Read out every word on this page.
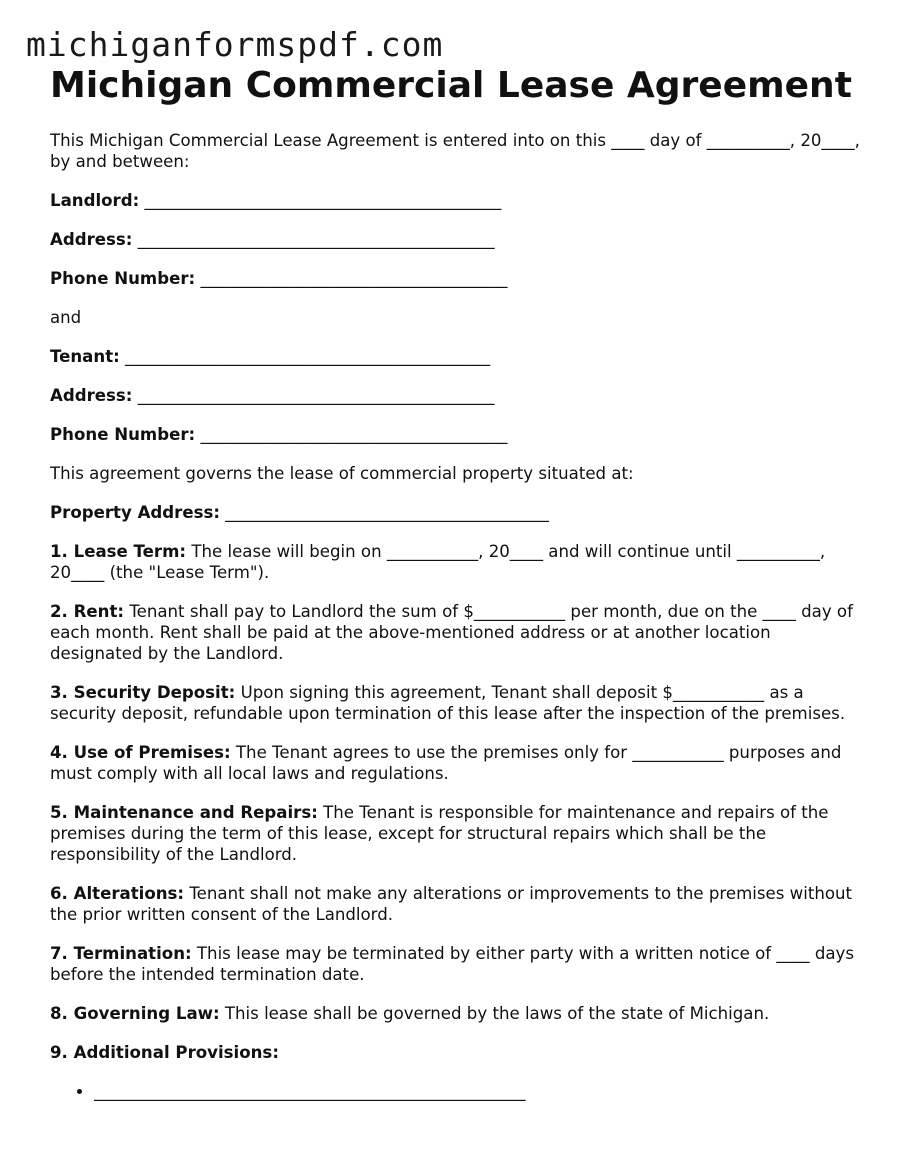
michiganformspdf.com
Michigan Commercial Lease Agreement

This Michigan Commercial Lease Agreement is entered into on this ____ day of __________, 20____, by and between:

Landlord: ___________________________________________

Address: ___________________________________________

Phone Number: _____________________________________

and

Tenant: ____________________________________________

Address: ___________________________________________

Phone Number: _____________________________________

This agreement governs the lease of commercial property situated at:

Property Address: _______________________________________

1. Lease Term: The lease will begin on ___________, 20____ and will continue until __________, 20____ (the "Lease Term").

2. Rent: Tenant shall pay to Landlord the sum of $___________ per month, due on the ____ day of each month. Rent shall be paid at the above-mentioned address or at another location designated by the Landlord.

3. Security Deposit: Upon signing this agreement, Tenant shall deposit $___________ as a security deposit, refundable upon termination of this lease after the inspection of the premises.

4. Use of Premises: The Tenant agrees to use the premises only for ___________ purposes and must comply with all local laws and regulations.

5. Maintenance and Repairs: The Tenant is responsible for maintenance and repairs of the premises during the term of this lease, except for structural repairs which shall be the responsibility of the Landlord.

6. Alterations: Tenant shall not make any alterations or improvements to the premises without the prior written consent of the Landlord.

7. Termination: This lease may be terminated by either party with a written notice of ____ days before the intended termination date.

8. Governing Law: This lease shall be governed by the laws of the state of Michigan.

9. Additional Provisions:

• ____________________________________________________
